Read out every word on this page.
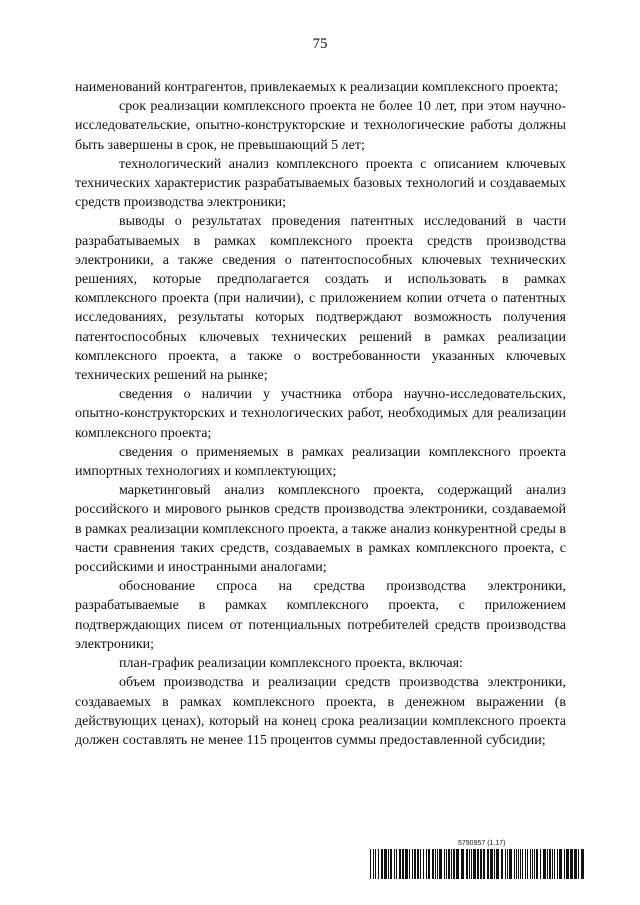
75

наименований контрагентов, привлекаемых к реализации комплексного проекта;

срок реализации комплексного проекта не более 10 лет, при этом научно-исследовательские, опытно-конструкторские и технологические работы должны быть завершены в срок, не превышающий 5 лет;

технологический анализ комплексного проекта с описанием ключевых технических характеристик разрабатываемых базовых технологий и создаваемых средств производства электроники;

выводы о результатах проведения патентных исследований в части разрабатываемых в рамках комплексного проекта средств производства электроники, а также сведения о патентоспособных ключевых технических решениях, которые предполагается создать и использовать в рамках комплексного проекта (при наличии), с приложением копии отчета о патентных исследованиях, результаты которых подтверждают возможность получения патентоспособных ключевых технических решений в рамках реализации комплексного проекта, а также о востребованности указанных ключевых технических решений на рынке;

сведения о наличии у участника отбора научно-исследовательских, опытно-конструкторских и технологических работ, необходимых для реализации комплексного проекта;

сведения о применяемых в рамках реализации комплексного проекта импортных технологиях и комплектующих;

маркетинговый анализ комплексного проекта, содержащий анализ российского и мирового рынков средств производства электроники, создаваемой в рамках реализации комплексного проекта, а также анализ конкурентной среды в части сравнения таких средств, создаваемых в рамках комплексного проекта, с российскими и иностранными аналогами;

обоснование спроса на средства производства электроники, разрабатываемые в рамках комплексного проекта, с приложением подтверждающих писем от потенциальных потребителей средств производства электроники;

план-график реализации комплексного проекта, включая:

объем производства и реализации средств производства электроники, создаваемых в рамках комплексного проекта, в денежном выражении (в действующих ценах), который на конец срока реализации комплексного проекта должен составлять не менее 115 процентов суммы предоставленной субсидии;

5790957 (1.17)
